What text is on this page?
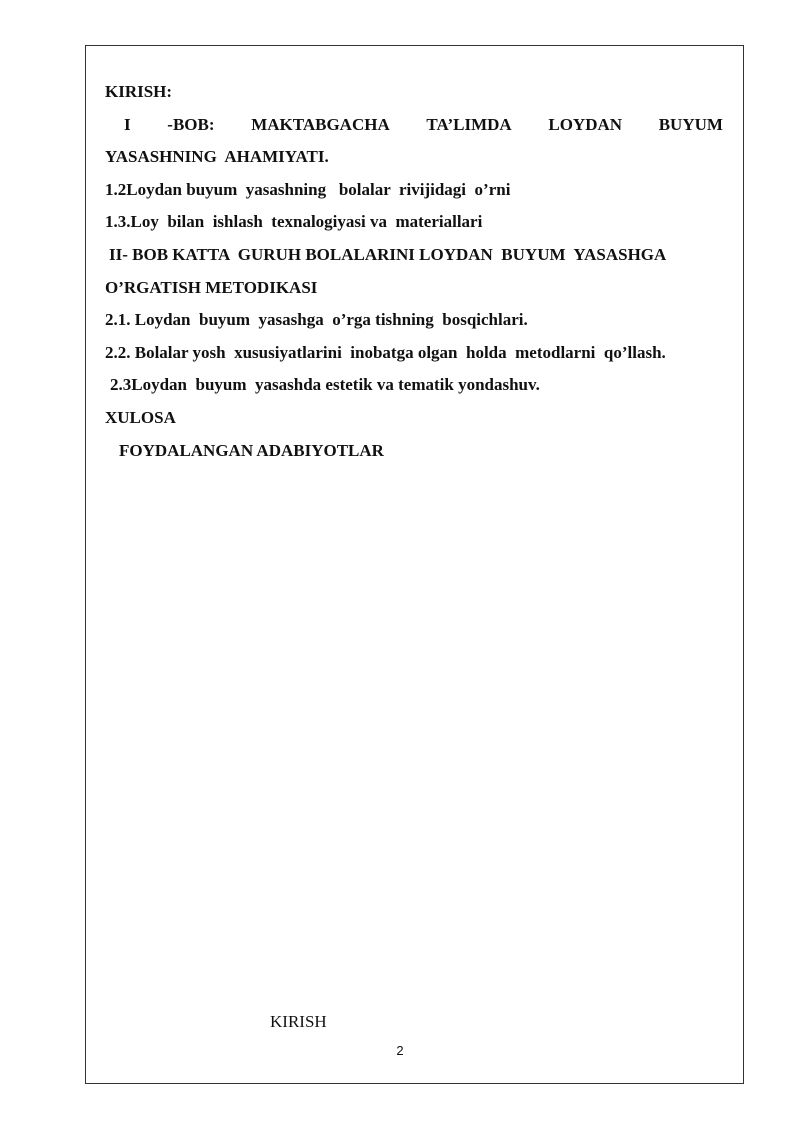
KIRISH:
I -BOB: MAKTABGACHA TA’LIMDA LOYDAN BUYUM
YASASHNING  AHAMIYATI.
1.2Loydan buyum  yasashning   bolalar  rivijidagi  o’rni
1.3.Loy  bilan  ishlash  texnalogiyasi va  materiallari
II- BOB KATTA  GURUH BOLALARINI LOYDAN  BUYUM  YASASHGA
O’RGATISH METODIKASI
2.1. Loydan  buyum  yasashga  o’rga tishning  bosqichlari.
2.2. Bolalar yosh  xususiyatlarini  inobatga olgan  holda  metodlarni  qo’llash.
2.3Loydan  buyum  yasashda estetik va tematik yondashuv.
XULOSA
FOYDALANGAN ADABIYOTLAR
KIRISH
2
